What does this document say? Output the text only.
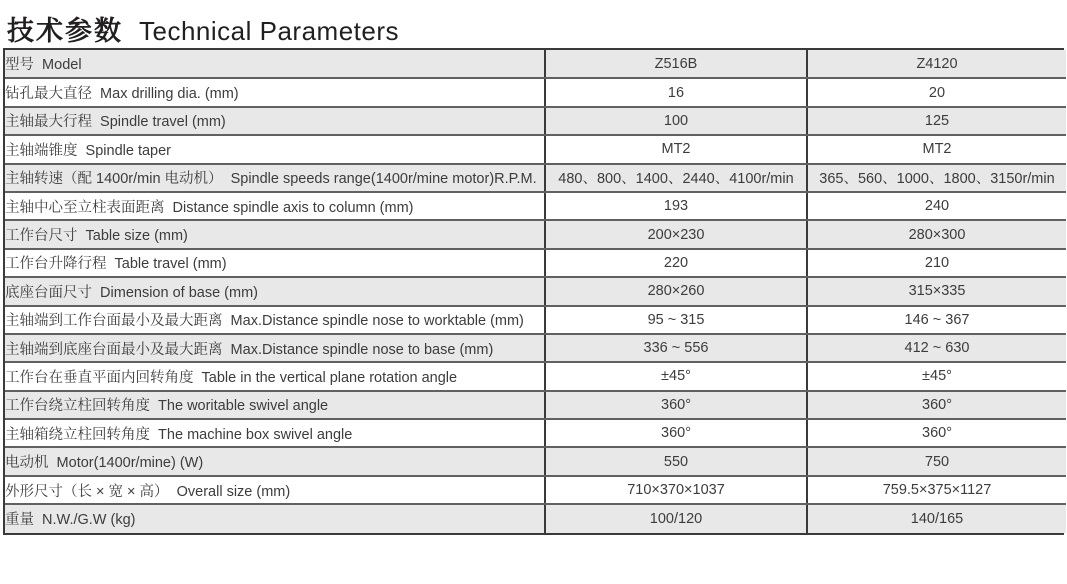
技术参数 Technical Parameters
型号  Model	Z516B	Z4120
钻孔最大直径  Max drilling dia. (mm)	16	20
主轴最大行程  Spindle travel (mm)	100	125
主轴端锥度  Spindle taper	MT2	MT2
主轴转速（配 1400r/min 电动机）  Spindle speeds range(1400r/mine motor)R.P.M.	480、800、1400、2440、4100r/min	365、560、1000、1800、3150r/min
主轴中心至立柱表面距离  Distance spindle axis to column (mm)	193	240
工作台尺寸  Table size (mm)	200×230	280×300
工作台升降行程  Table travel (mm)	220	210
底座台面尺寸  Dimension of base (mm)	280×260	315×335
主轴端到工作台面最小及最大距离  Max.Distance spindle nose to worktable (mm)	95 ~ 315	146 ~ 367
主轴端到底座台面最小及最大距离  Max.Distance spindle nose to base (mm)	336 ~ 556	412 ~ 630
工作台在垂直平面内回转角度  Table in the vertical plane rotation angle	±45°	±45°
工作台绕立柱回转角度  The woritable swivel angle	360°	360°
主轴箱绕立柱回转角度  The machine box swivel angle	360°	360°
电动机  Motor(1400r/mine) (W)	550	750
外形尺寸（长 × 宽 × 高）  Overall size (mm)	710×370×1037	759.5×375×1127
重量  N.W./G.W (kg)	100/120	140/165
